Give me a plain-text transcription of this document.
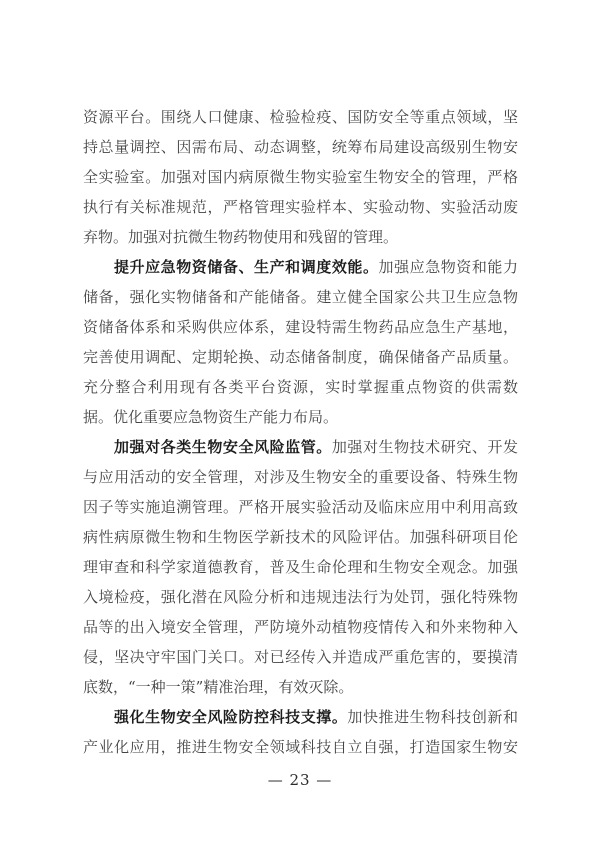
资源平台。围绕人口健康、检验检疫、国防安全等重点领域，坚
持总量调控、因需布局、动态调整，统筹布局建设高级别生物安
全实验室。加强对国内病原微生物实验室生物安全的管理，严格
执行有关标准规范，严格管理实验样本、实验动物、实验活动废
弃物。加强对抗微生物药物使用和残留的管理。
提升应急物资储备、生产和调度效能。加强应急物资和能力
储备，强化实物储备和产能储备。建立健全国家公共卫生应急物
资储备体系和采购供应体系，建设特需生物药品应急生产基地，
完善使用调配、定期轮换、动态储备制度，确保储备产品质量。
充分整合利用现有各类平台资源，实时掌握重点物资的供需数
据。优化重要应急物资生产能力布局。
加强对各类生物安全风险监管。加强对生物技术研究、开发
与应用活动的安全管理，对涉及生物安全的重要设备、特殊生物
因子等实施追溯管理。严格开展实验活动及临床应用中利用高致
病性病原微生物和生物医学新技术的风险评估。加强科研项目伦
理审查和科学家道德教育，普及生命伦理和生物安全观念。加强
入境检疫，强化潜在风险分析和违规违法行为处罚，强化特殊物
品等的出入境安全管理，严防境外动植物疫情传入和外来物种入
侵，坚决守牢国门关口。对已经传入并造成严重危害的，要摸清
底数，“一种一策”精准治理，有效灭除。
强化生物安全风险防控科技支撑。加快推进生物科技创新和
产业化应用，推进生物安全领域科技自立自强，打造国家生物安
— 23 —
